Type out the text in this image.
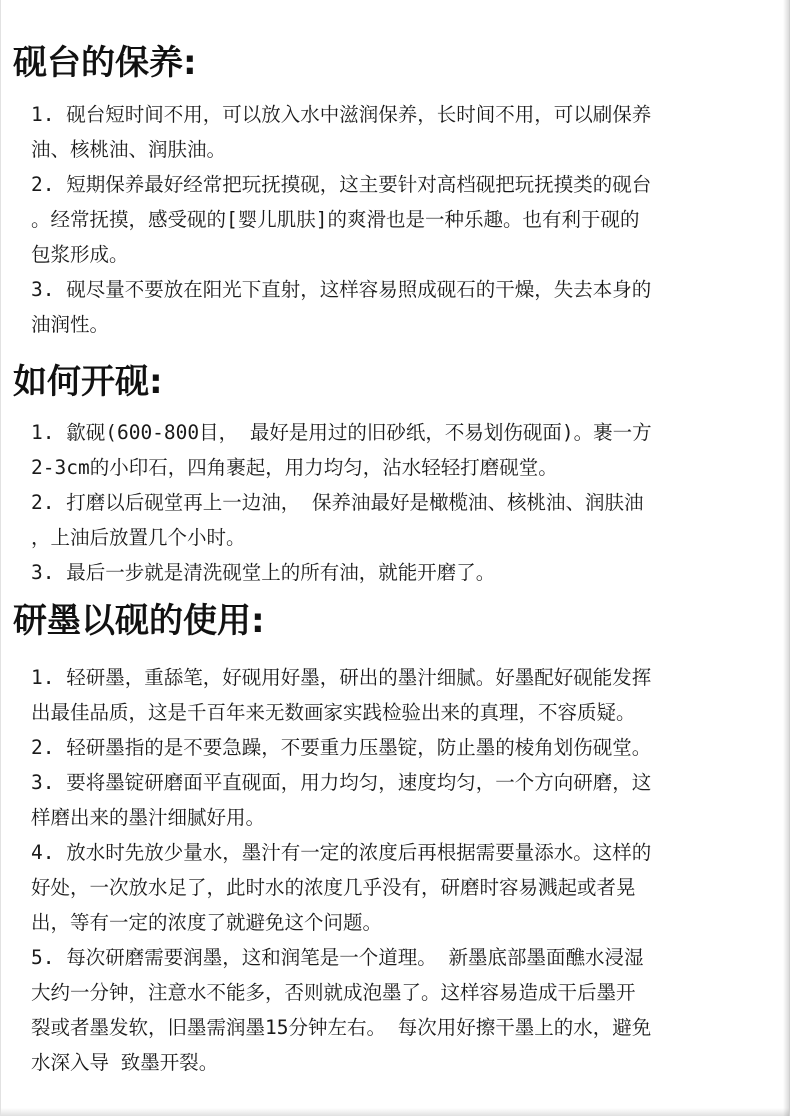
砚台的保养:
1. 砚台短时间不用，可以放入水中滋润保养，长时间不用，可以刷保养
油、核桃油、润肤油。
2. 短期保养最好经常把玩抚摸砚，这主要针对高档砚把玩抚摸类的砚台
。经常抚摸，感受砚的[婴儿肌肤]的爽滑也是一种乐趣。也有利于砚的
包浆形成。
3. 砚尽量不要放在阳光下直射，这样容易照成砚石的干燥，失去本身的
油润性。
如何开砚:
1. 歙砚(600-800目， 最好是用过的旧砂纸，不易划伤砚面)。裹一方
2-3cm的小印石，四角裹起，用力均匀，沾水轻轻打磨砚堂。
2. 打磨以后砚堂再上一边油， 保养油最好是橄榄油、核桃油、润肤油
，上油后放置几个小时。
3. 最后一步就是清洗砚堂上的所有油，就能开磨了。
研墨以砚的使用:
1. 轻研墨，重舔笔，好砚用好墨，研出的墨汁细腻。好墨配好砚能发挥
出最佳品质，这是千百年来无数画家实践检验出来的真理，不容质疑。
2. 轻研墨指的是不要急躁，不要重力压墨锭，防止墨的棱角划伤砚堂。
3. 要将墨锭研磨面平直砚面，用力均匀，速度均匀，一个方向研磨，这
样磨出来的墨汁细腻好用。
4. 放水时先放少量水，墨汁有一定的浓度后再根据需要量添水。这样的
好处，一次放水足了，此时水的浓度几乎没有，研磨时容易溅起或者晃
出，等有一定的浓度了就避免这个问题。
5. 每次研磨需要润墨，这和润笔是一个道理。 新墨底部墨面醮水浸湿
大约一分钟，注意水不能多，否则就成泡墨了。这样容易造成干后墨开
裂或者墨发软，旧墨需润墨15分钟左右。 每次用好擦干墨上的水，避免
水深入导 致墨开裂。
